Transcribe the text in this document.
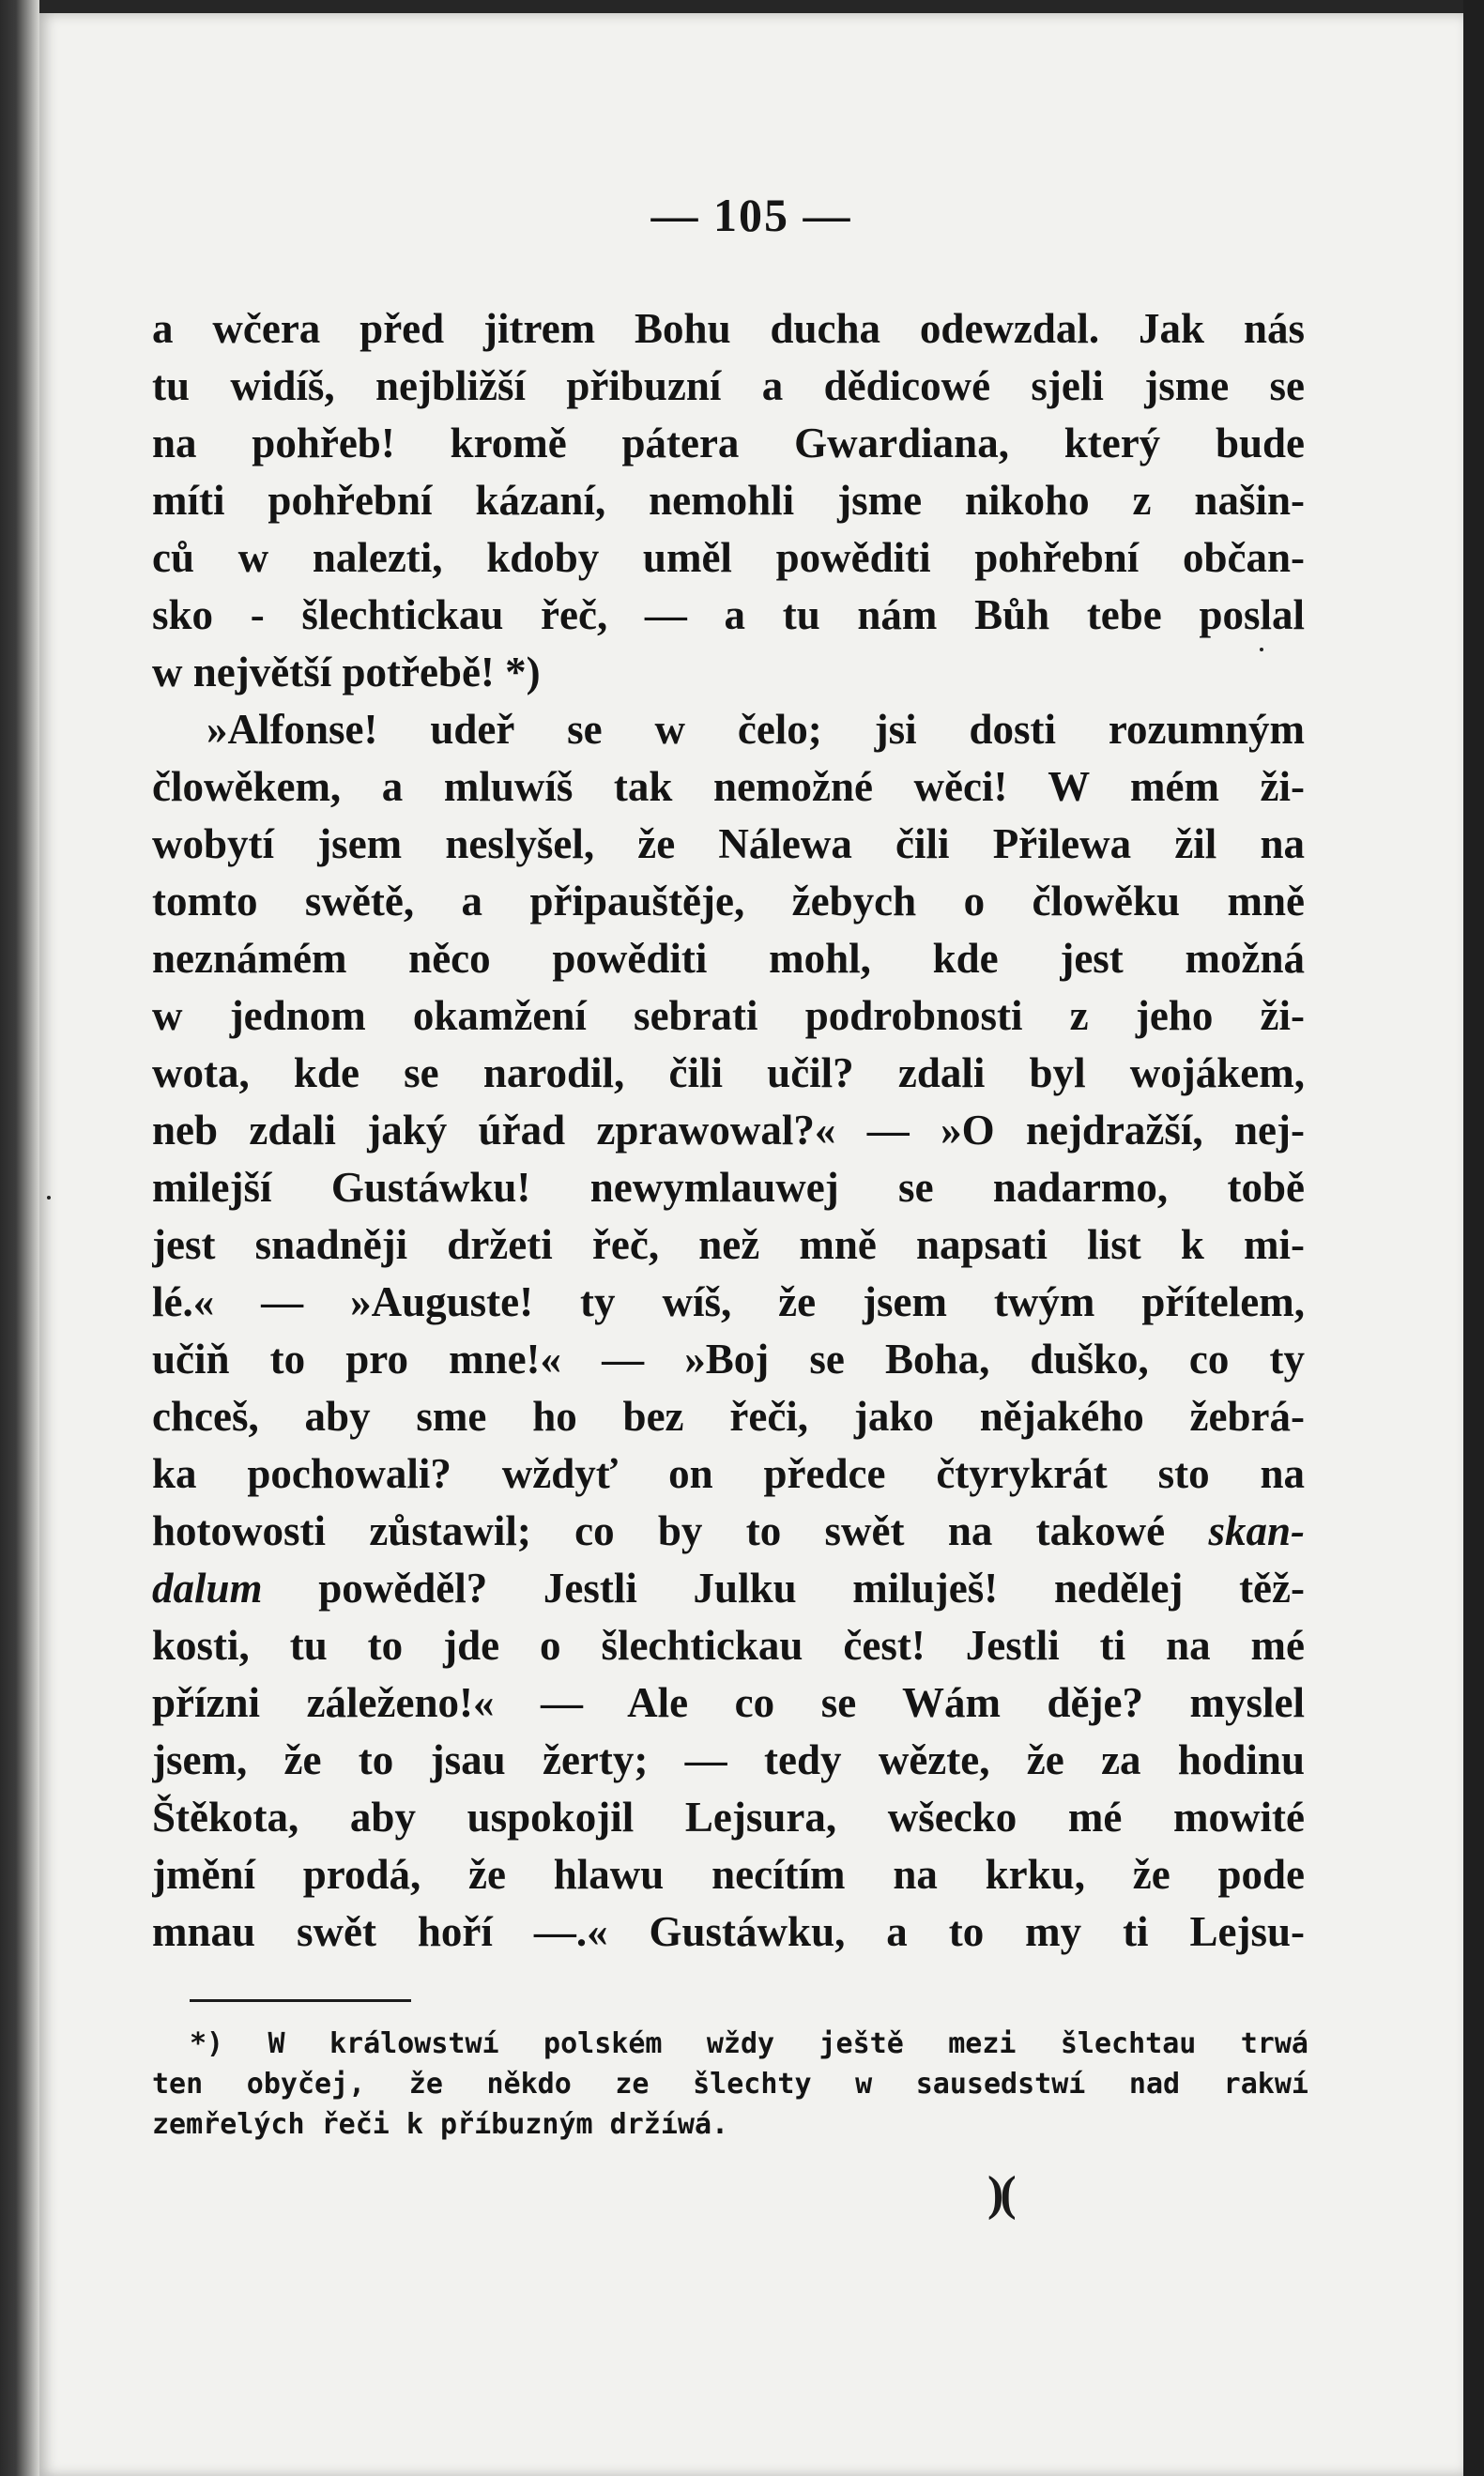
— 105 —
a wčera před jitrem Bohu ducha odewzdal. Jak nás
tu widíš, nejbližší přibuzní a dědicowé sjeli jsme se
na pohřeb! kromě pátera Gwardiana, který bude
míti pohřební kázaní, nemohli jsme nikoho z našin-
ců w nalezti, kdoby uměl powěditi pohřební občan-
sko - šlechtickau řeč, — a tu nám Bůh tebe poslal
w největší potřebě! *)
»Alfonse! udeř se w čelo; jsi dosti rozumným
člowěkem, a mluwíš tak nemožné wěci! W mém ži-
wobytí jsem neslyšel, že Nálewa čili Přilewa žil na
tomto swětě, a připauštěje, žebych o člowěku mně
neznámém něco powěditi mohl, kde jest možná
w jednom okamžení sebrati podrobnosti z jeho ži-
wota, kde se narodil, čili učil? zdali byl wojákem,
neb zdali jaký úřad zprawowal?« — »O nejdražší, nej-
milejší Gustáwku! newymlauwej se nadarmo, tobě
jest snadněji držeti řeč, než mně napsati list k mi-
lé.« — »Auguste! ty wíš, že jsem twým přítelem,
učiň to pro mne!« — »Boj se Boha, duško, co ty
chceš, aby sme ho bez řeči, jako nějakého žebrá-
ka pochowali? wždyť on předce čtyrykrát sto na
hotowosti zůstawil; co by to swět na takowé skan-
dalum powěděl? Jestli Julku miluješ! nedělej těž-
kosti, tu to jde o šlechtickau čest! Jestli ti na mé
přízni záleženo!« — Ale co se Wám děje? myslel
jsem, že to jsau žerty; — tedy wězte, že za hodinu
Štěkota, aby uspokojil Lejsura, wšecko mé mowité
jmění prodá, že hlawu necítím na krku, že pode
mnau swět hoří —.« Gustáwku, a to my ti Lejsu-
*) W králowstwí polském wždy ještě mezi šlechtau trwá
ten obyčej, že někdo ze šlechty w sausedstwí nad rakwí
zemřelých řeči k příbuzným držíwá.
)(
